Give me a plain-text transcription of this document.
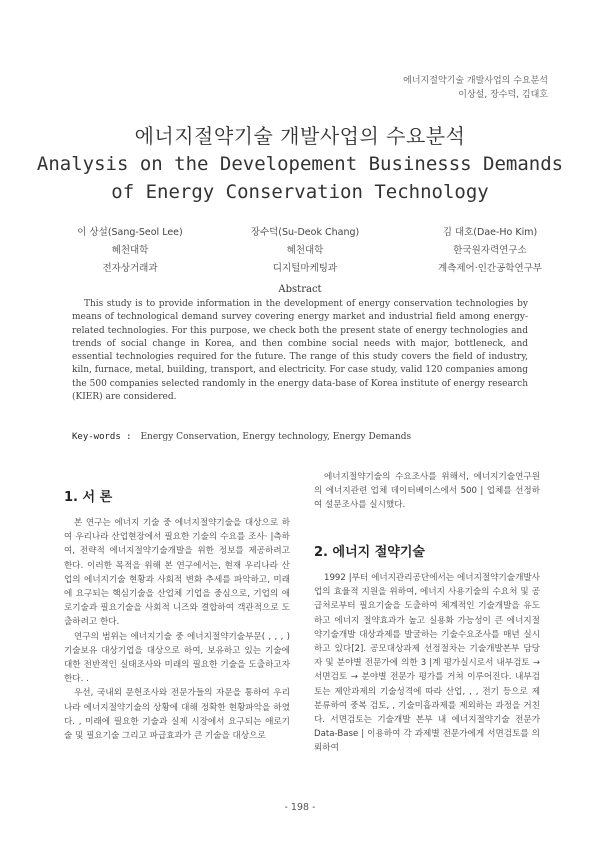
에너지절약기술 개발사업의 수요분석
이상설, 장수덕, 김대호
에너지절약기술 개발사업의 수요분석
Analysis on the Developement Businesss Demands
of Energy Conservation Technology
이 상설(Sang-Seol Lee)
혜천대학
전자상거래과
장수덕(Su-Deok Chang)
혜천대학
디지털마케팅과
김 대호(Dae-Ho Kim)
한국원자력연구소
계측제어·인간공학연구부
Abstract
This study is to provide information in the development of energy conservation technologies by means of technological demand survey covering energy market and industrial field among energy-related technologies. For this purpose, we check both the present state of energy technologies and trends of social change in Korea, and then combine social needs with major, bottleneck, and essential technologies required for the future. The range of this study covers the field of industry, kiln, furnace, metal, building, transport, and electricity. For case study, valid 120 companies among the 500 companies selected randomly in the energy data-base of Korea institute of energy research (KIER) are considered.
Key-words : Energy Conservation, Energy technology, Energy Demands
1. 서 론

본 연구는 에너지 기술 중 에너지절약기술을 대상으로 하여 우리나라 산업현장에서 필요한 기술의 수요를 조사· |측하여, 전략적 에너지절약기술개발을 위한 정보를 제공하려고 한다. 이러한 목적을 위해 본 연구에서는, 현재 우리나라 산업의 에너지기술 현황과 사회적 변화 추세를 파악하고, 미래에 요구되는 핵심기술을 산업체 기업을 중심으로, 기업의 애로기술과 필요기술을 사회적 니즈와 결합하여 객관적으로 도출하려고 한다.

연구의 범위는 에너지기술 중 에너지절약기술부문( , , , ) 기술보유 대상기업을 대상으로 하여, 보유하고 있는 기술에 대한 전반적인 실태조사와 미래의 필요한 기술을 도출하고자 한다. .

우선, 국내외 문헌조사와 전문가들의 자문을 통하여 우리나라 에너지절약기술의 상황에 대해 정확한 현황파악을 하였다. , 미래에 필요한 기술과 실제 시장에서 요구되는 애로기술 및 필요기술 그리고 파급효과가 큰 기술을 대상으로

에너지절약기술의 수요조사를 위해서, 에너지기술연구원의 에너지관련 업체 데이터베이스에서 500 | 업체를 선정하여 설문조사를 실시했다.
2. 에너지 절약기술

1992 |부터 에너지관리공단에서는 에너지절약기술개발사업의 효율적 지원을 위하여, 에너지 사용기술의 수요처 및 공급처로부터 필요기술을 도출하여 체계적인 기술개발을 유도하고 에너지 절약효과가 높고 실용화 가능성이 큰 에너지절약기술개발 대상과제를 발굴하는 기술수요조사를 매년 실시하고 있다[2]. 공모대상과제 선정절차는 기술개발본부 담당자 및 분야별 전문가에 의한 3 |계 평가실시로서 내부검토 → 서면검토 → 분야별 전문가 평가를 거쳐 이루어진다. 내부검토는 제안과제의 기술성격에 따라 산업, , , 전기 등으로 제 분류하여 중복 검토, , 기술미흡과제를 제외하는 과정을 거친다. 서면검토는 기술개발 본부 내 에너지절약기술 전문가 Data-Base | 이용하여 각 과제별 전문가에게 서면검토를 의뢰하여

- 198 -
